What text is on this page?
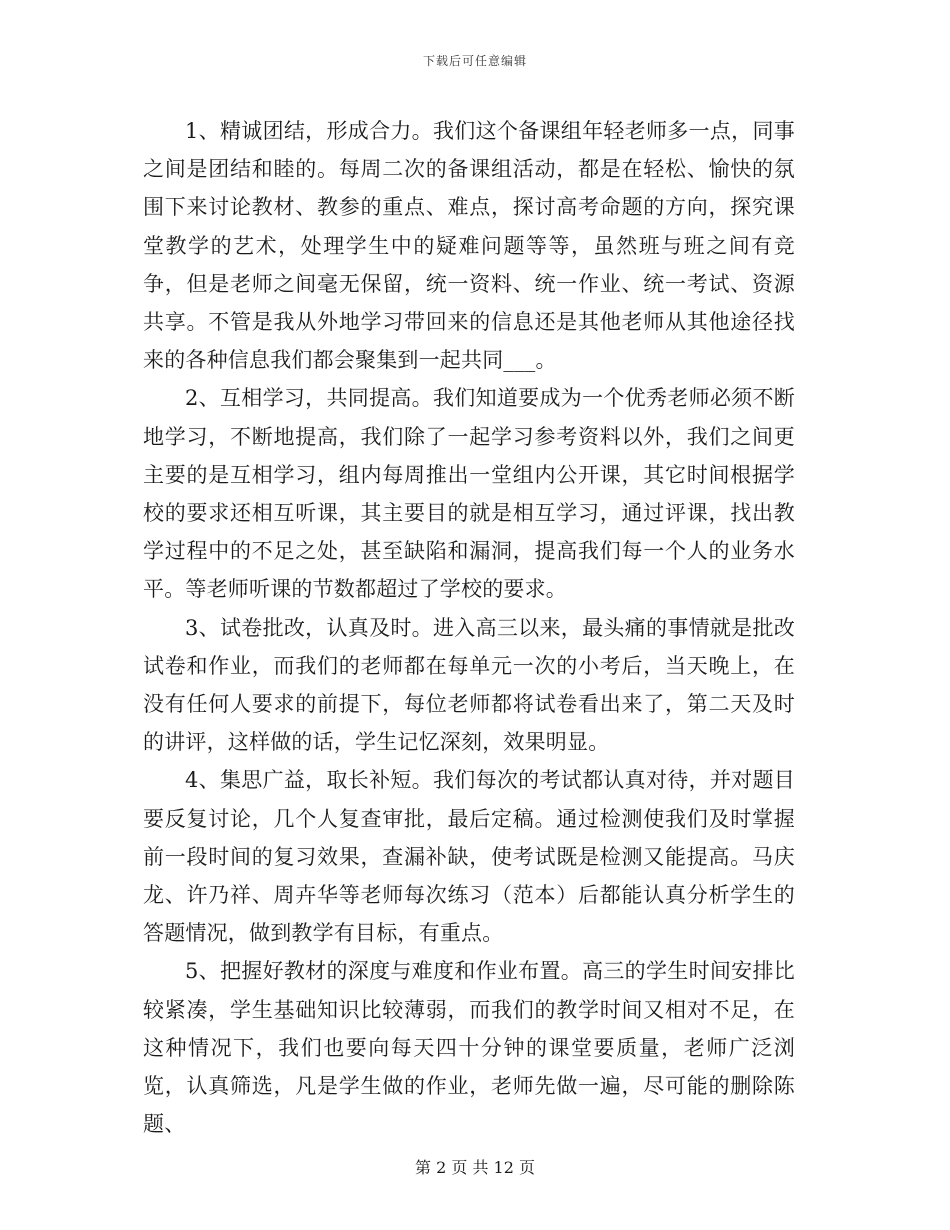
下载后可任意编辑

1、精诚团结，形成合力。我们这个备课组年轻老师多一点，同事之间是团结和睦的。每周二次的备课组活动，都是在轻松、愉快的氛围下来讨论教材、教参的重点、难点，探讨高考命题的方向，探究课堂教学的艺术，处理学生中的疑难问题等等，虽然班与班之间有竞争，但是老师之间毫无保留，统一资料、统一作业、统一考试、资源共享。不管是我从外地学习带回来的信息还是其他老师从其他途径找来的各种信息我们都会聚集到一起共同___。

2、互相学习，共同提高。我们知道要成为一个优秀老师必须不断地学习，不断地提高，我们除了一起学习参考资料以外，我们之间更主要的是互相学习，组内每周推出一堂组内公开课，其它时间根据学校的要求还相互听课，其主要目的就是相互学习，通过评课，找出教学过程中的不足之处，甚至缺陷和漏洞，提高我们每一个人的业务水平。等老师听课的节数都超过了学校的要求。

3、试卷批改，认真及时。进入高三以来，最头痛的事情就是批改试卷和作业，而我们的老师都在每单元一次的小考后，当天晚上，在没有任何人要求的前提下，每位老师都将试卷看出来了，第二天及时的讲评，这样做的话，学生记忆深刻，效果明显。

4、集思广益，取长补短。我们每次的考试都认真对待，并对题目要反复讨论，几个人复查审批，最后定稿。通过检测使我们及时掌握前一段时间的复习效果，查漏补缺，使考试既是检测又能提高。马庆龙、许乃祥、周卉华等老师每次练习（范本）后都能认真分析学生的答题情况，做到教学有目标，有重点。

5、把握好教材的深度与难度和作业布置。高三的学生时间安排比较紧凑，学生基础知识比较薄弱，而我们的教学时间又相对不足，在这种情况下，我们也要向每天四十分钟的课堂要质量，老师广泛浏览，认真筛选，凡是学生做的作业，老师先做一遍，尽可能的删除陈题、

第 2 页 共 12 页
